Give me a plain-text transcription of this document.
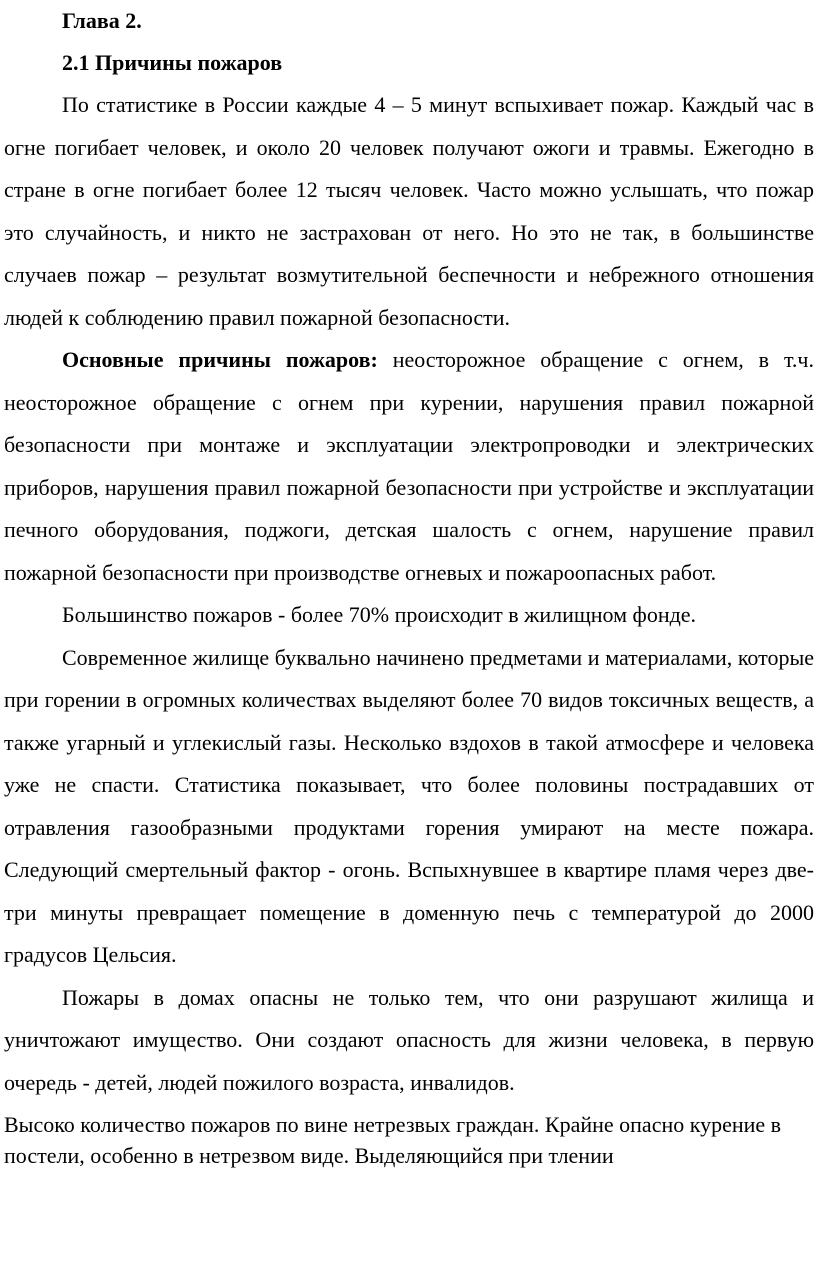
Глава 2.

2.1 Причины пожаров

По статистике в России каждые 4 – 5 минут вспыхивает пожар. Каждый час в огне погибает человек, и около 20 человек получают ожоги и травмы. Ежегодно в стране в огне погибает более 12 тысяч человек. Часто можно услышать, что пожар это случайность, и никто не застрахован от него. Но это не так, в большинстве случаев пожар – результат возмутительной беспечности и небрежного отношения людей к соблюдению правил пожарной безопасности.

Основные причины пожаров: неосторожное обращение с огнем, в т.ч. неосторожное обращение с огнем при курении, нарушения правил пожарной безопасности при монтаже и эксплуатации электропроводки и электрических приборов, нарушения правил пожарной безопасности при устройстве и эксплуатации печного оборудования, поджоги, детская шалость с огнем, нарушение правил пожарной безопасности при производстве огневых и пожароопасных работ.

Большинство пожаров - более 70% происходит в жилищном фонде.

Современное жилище буквально начинено предметами и материалами, которые при горении в огромных количествах выделяют более 70 видов токсичных веществ, а также угарный и углекислый газы. Несколько вздохов в такой атмосфере и человека уже не спасти. Статистика показывает, что более половины пострадавших от отравления газообразными продуктами горения умирают на месте пожара. Следующий смертельный фактор - огонь. Вспыхнувшее в квартире пламя через две-три минуты превращает помещение в доменную печь с температурой до 2000 градусов Цельсия.

Пожары в домах опасны не только тем, что они разрушают жилища и уничтожают имущество. Они создают опасность для жизни человека, в первую очередь - детей, людей пожилого возраста, инвалидов.

Высоко количество пожаров по вине нетрезвых граждан. Крайне опасно курение в постели, особенно в нетрезвом виде. Выделяющийся при тлении
